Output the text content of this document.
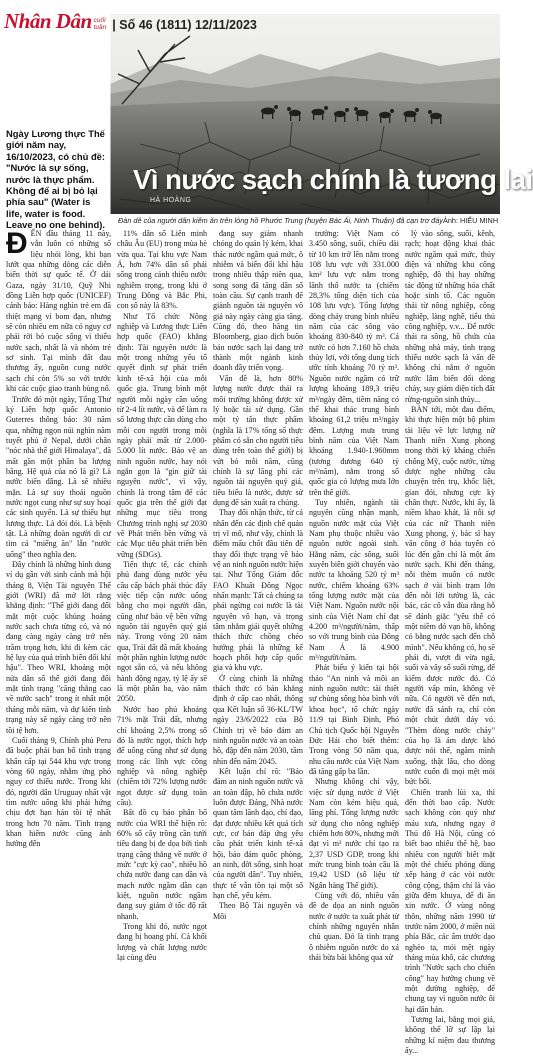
Nhân Dân cuối
tuần | Số 46 (1811) 12/11/2023
Ngày Lương thực Thế giới năm nay, 16/10/2023, có chủ đề: "Nước là sự sống, nước là thực phẩm. Không để ai bị bỏ lại phía sau" (Water is life, water is food. Leave no one behind).
Vì nước sạch chính là tương lai
HÀ HOÀNG
Đàn dê của người dân kiếm ăn trên lòng hồ Phước Trung (huyện Bác Ái, Ninh Thuận) đã cạn trơ đáy Ảnh: HIẾU MINH

ĐẾN đầu tháng 11 này, vẫn luôn có những số liệu nhói lòng, khi bạn lướt qua những dòng các diễn biến thời sự quốc tế. Ở dải Gaza, ngày 31/10, Quỹ Nhi đồng Liên hợp quốc (UNICEF) cảnh báo: Hàng nghìn trẻ em đã thiệt mạng vì bom đạn, nhưng sẽ còn nhiều em nữa có nguy cơ phải rời bỏ cuộc sống vì thiếu nước sạch, nhất là và nhóm trẻ sơ sinh. Tại mình đất đau thương ấy, nguồn cung nước sạch chỉ còn 5% so với trước khi các cuộc giao tranh bùng nổ.

Trước đó một ngày, Tổng Thư ký Liên hợp quốc Antonio Guterres thông báo: 30 năm qua, những ngọn núi nghìn năm tuyết phủ ở Nepal, dưới chân "nóc nhà thế giới Himalaya", đã mất gần một phần ba lượng băng. Hệ quả của nó là gì? Là nước biển dâng. Là sẽ nhiều mặn. Là sự suy thoái nguồn nước ngọt cung như sự suy hoại các sinh quyển. Là sự thiếu hụt lương thực. Là đói đói. Là bệnh tật. Là những đoàn người di cư tìm cả "miếng ăn" lẫn "nước uống" theo nghĩa đen.

Đây chính là những hình dung ví dụ gần với sinh cảnh mà hội thảng 8, Viện Tài nguyên Thế giới (WRI) đã mở lời rằng khẳng định: "Thế giới đang đối mặt một cuộc khủng hoảng nước sạch chưa từng có, và nó đang càng ngày càng trở nên trầm trọng hơn, khi đi kèm các hệ lụy của quá trình biến đổi khí hậu". Theo WRI, khoảng một nửa dân số thế giới đang đối mặt tình trạng "căng thẳng cao về nước sạch" trong ít nhất một tháng mỗi năm, và dự kiến tình trạng này sẽ ngày càng trở nên tồi tệ hơn.

Cuối tháng 9, Chính phủ Peru đã buộc phải ban bố tình trạng khẩn cấp tại 544 khu vực trong vòng 60 ngày, nhằm ứng phó nguy cơ thiếu nước. Trong khi đó, người dân Uruguay nhất vật tìm nước uống khi phải hứng chịu đợt hạn hán tồi tệ nhất trong hơn 70 năm. Tình trạng khan hiếm nước cũng ảnh hưởng đến

11% dân số Liên minh châu Âu (EU) trong mùa hè vừa qua. Tại khu vực Nam Á, hơn 74% dân số phải sống trong cảnh thiếu nước nghiêm trọng, trong khi ở Trung Đông và Bắc Phi, con số này là 83%.

Như Tổ chức Nông nghiệp và Lương thực Liên hợp quốc (FAO) khẳng định: Tài nguyên nước là một trong những yếu tố quyết định sự phát triển kinh tế-xã hội của mỗi quốc gia. Trung bình một người mỗi ngày cần uống từ 2-4 lít nước, và để làm ra số lương thực cần dùng cho mỗi con người trong mỗi ngày phải mất từ 2.000-5.000 lít nước. Bảo vệ an ninh nguồn nước, hay nói ngắn gọn là "gìn giữ tài nguyên nước", vì vậy, chính là trong tâm để các quốc gia trên thế giới đạt những mục tiêu trong Chương trình nghị sự 2030 về Phát triển bền vững và các Mục tiêu phát triển bền vững (SDGs).

Tiến thực tế, các chính phủ đang dùng nước yêu cầu cấp bách phải thúc đẩy việc tiếp cận nước uống bằng cho mọi người dân, cũng như bảo vệ bền vững nguồn tài nguyên quý giá này. Trong vòng 20 năm qua, Trái đất đã mất khoảng một phần nghìn lượng nước ngọt sẵn có, và nếu không hành động ngay, tỷ lệ ấy sẽ là một phần ba, vào năm 2050.

Nước bao phủ khoảng 71% mặt Trái đất, nhưng chỉ khoảng 2,5% trong số đó là nước ngọt, thích hợp để uống cũng như sử dụng trong các lĩnh vực công nghiệp và nông nghiệp (chiếm tới 72% lượng nước ngọt được sử dụng toàn cầu).

Bất đồ cụ bảo phân bố nước của WRI thể hiện rõ: 60% số cây trồng cần tưới tiêu đang bị đe dọa bởi tình trạng căng thẳng về nước ở mức "cực kỳ cao", nhiều hồ chứa nước đang cạn dần và mạch nước ngầm dần cạn kiệt, nguồn nước ngầm đang suy giảm ở tốc độ rất nhanh.

Trong khi đó, nước ngọt đang bị hoang phí. Cả khối lượng và chất lượng nước lại cùng đều

đang suy giảm nhanh chóng do quản lý kém, khai thác nước ngầm quá mức, ô nhiễm và biến đổi khí hậu trong nhiều thập niên qua, song song đã tăng dân số toàn cầu. Sự cạnh tranh để giành nguồn tài nguyên vô giá này ngày càng gia tăng. Cũng đó, theo hãng tin Bloomberg, giao dịch buôn bán nước sạch lại đang trở thành một ngành kinh doanh đầy triển vọng.

Vấn đề là, hơn 80% lượng nước được thải ra môi trường không được xử lý hoặc tái sử dụng. Gần một tỷ tấn thực phẩm (nghĩa là 17% tổng số thực phẩm có sẵn cho người tiêu dùng trên toàn thế giới) bị vứt bỏ mỗi năm, cũng chính là sự lãng phí các nguồn tài nguyên quý giá, tiêu biểu là nước, được sử dụng để sản xuất ra chúng.

Thay đổi nhận thức, từ cá nhân đến các định chế quản trị vĩ mô, như vậy, chính là điểm mấu chốt đầu tiên để thay đổi thực trạng về bảo vệ an ninh nguồn nước hiện tại. Như Tổng Giám đốc FAO Khuất Đông Ngọc nhấn mạnh: Tất cả chúng ta phải ngừng coi nước là tài nguyên vô hạn, và trọng tâm nhằm giải quyết những thách thức chồng chéo hướng phải là những kế hoạch phối hợp cấp quốc gia và khu vực.

Ở cùng chính là những thách thức có bản khẳng định ở cấp cao nhất, thông qua Kết luận số 36-KL/TW ngày 23/6/2022 của Bộ Chính trị về bảo đảm an ninh nguồn nước và an toàn hồ, đập đến năm 2030, tầm nhìn đến năm 2045.

Kết luận chỉ rõ: "Bảo đảm an ninh nguồn nước và an toàn đập, hồ chứa nước luôn được Đảng, Nhà nước quan tâm lãnh đạo, chỉ đạo, đạt được nhiều kết quả tích cực, cơ bản đáp ứng yêu cầu phát triển kinh tế-xã hội, bảo đảm quốc phòng, an ninh, đời sống, sinh hoạt của người dân". Tuy nhiên, thực tế vẫn tồn tại một số hạn chế, yếu kém.

Theo Bộ Tài nguyên và Môi

trường: Việt Nam có 3.450 sông, suối, chiều dài từ 10 km trở lên nằm trong 108 lưu vực với 331.000 km² lưu vực nằm trong lãnh thổ nước ta (chiếm 28,3% tổng diện tích của 108 lưu vực). Tổng lượng dòng chảy trung bình nhiều năm của các sông vào khoảng 830-840 tỷ m³. Cả nước có hơn 7.160 hồ chứa thủy lợi, với tổng dung tích ước tính khoảng 70 tỷ m³. Nguồn nước ngầm có trữ lượng khoảng 189,3 triệu m³/ngày đêm, tiềm năng có thể khai thác trung bình khoảng 61,2 triệu m³/ngày đêm. Lượng mưa trung bình năm của Việt Nam khoảng 1.940-1.960mm (tương đương 640 tỷ m³/năm), nằm trong số quốc gia có lượng mưa lớn trên thế giới.

Tuy nhiên, ngành tài nguyên cũng nhận mạnh, nguồn nước mặt của Việt Nam phụ thuộc nhiều vào nguồn nước ngoài sinh. Hằng năm, các sông, suối xuyên biên giới chuyển vào nước ta khoảng 520 tỷ m³ nước, chiếm khoảng 63% tổng lượng nước mặt của Việt Nam. Nguồn nước nội sinh của Việt Nam chỉ đạt 4.200 m³/người/năm, thấp so với trung bình của Đông Nam Á là 4.900 m³/người/năm.

Phát biểu ý kiến tại hội thảo "An ninh và môi an ninh nguồn nước: tài thiết sự chủng sống hòa bình với khoa học", tổ chức ngày 11/9 tại Bình Định, Phó Chủ tịch Quốc hội Nguyễn Đức Hải cho biết thêm: Trong vòng 50 năm qua, nhu cầu nước của Việt Nam đã tăng gấp ba lần.

Nhưng không chỉ vậy, việc sử dụng nước ở Việt Nam còn kém hiệu quả, lãng phí. Tổng lượng nước sử dụng cho nông nghiệp chiếm hơn 80%, nhưng mới đạt vì m³ nước chỉ tạo ra 2,37 USD GDP, trong khi mức trung bình toàn cầu là 19,42 USD (số liệu từ Ngân hàng Thế giới).

Cùng với đó, nhiều vấn đề đe dọa an ninh nguồn nước ở nước ta xuất phát từ chính những nguyên nhân chủ quan. Đó là tình trạng ô nhiễm nguồn nước do xả thải bừa bãi không qua xử

lý vào sông, suối, kênh, rạch; hoạt động khai thác nước ngầm quá mức, thủy điện và những khu công nghiệp, đô thị hay những tác động từ những hóa chất hoặc sinh tố. Các nguồn thải từ nông nghiệp, công nghiệp, làng nghề, tiểu thủ công nghiệp, v.v... Để nước thải ra sông, hồ chứa của những nhà máy, tình trạng thiếu nước sạch là vấn đề không chỉ nằm ở nguồn nước lâm biến đổi dòng chảy, suy giảm diện tích đất rừng-nguồn sinh thủy...

BÀN tới, một đau điểm, khi thực hiện một bộ phim tài liệu về lực lượng nữ Thanh niên Xung phong trong thời kỳ kháng chiến chống Mỹ, cuộc nước, từng dược nghe những câu chuyện trên trụ, khốc liệt, gian đói, nhưng cực kỳ chân thực. Nước, khi ấy, là niềm khao khát, là nỗi sợ của các nữ Thanh niên Xung phong, ý, bác sĩ hay văn công ở hóa tuyến có lúc đến gần chỉ là một ấm nước sạch. Khi đến tháng, nỗi thèm muốn có nước sạch ở vài bình trạm lớn đến nỗi lời tưởng là, các bác, các cô vẫn đùa rằng hỗ sẽ đánh giặc "yêu thế có một niềm đó vạn hồ, không có bằng nước sạch đến chỗ mình". Nếu không có, họ sẽ phải đi, vượt đi vừa ngã, suối và vây số suối rừng, để kiếm được nước đó. Có người vấp mìn, không về nữa. Có người về đến nơi, nước đã sánh ra, chỉ còn một chút dưới đáy vỏ. "Thèm dòng nước chảy" của họ là ám dược khó dược nói thể, ngăm mình xuống, thật lâu, cho dòng nước cuốn đi mọi mệt mỏi bức bối.

Chiến tranh lùi xa, thì đến thời bao cấp. Nước sạch không còn quý như máu xưa, nhưng ngay ở Thủ đô Hà Nội, cũng có biết bao nhiêu thể hệ, bao nhiêu con người biết mặt một thẻ chiếu phóng dùng xếp hàng ở các vòi nước công cộng, thậm chí là vào giữa đêm khuya, để đi ăn xin nước. Ở vùng nông thôn, những năm 1990 từ trước năm 2000, ở miền núi phía Bắc, các ấm trước dạo nghèo ta, mỏi mệt ngày tháng mùa khô, các chương trình "Nước sạch cho chiến công" hay hướng chung về một đường nghiệp, để chung tay vì nguồn nước ôi hại dân bản.

Tương lai, bằng mọi giá, không thể lỡ sự lập lại những kỉ niệm đau thương ấy...
